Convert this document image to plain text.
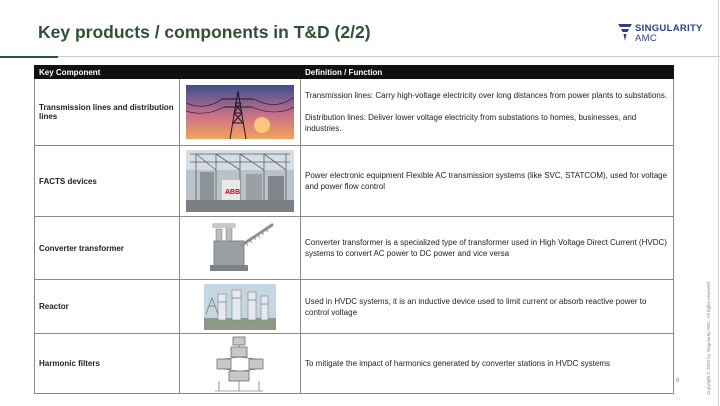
Key products / components in T&D (2/2)	SINGULARITY
AMC
Key Component		Definition / Function
Transmission lines and distribution lines		Transmission lines: Carry high-voltage electricity over long distances from power plants to substations.

Distribution lines: Deliver lower voltage electricity from substations to homes, businesses, and industries.

FACTS devices	ABB	Power electronic equipment Flexible AC transmission systems (like SVC, STATCOM), used for voltage and power flow control

Converter transformer		Converter transformer is a specialized type of transformer used in High Voltage Direct Current (HVDC) systems to convert AC power to DC power and vice versa

Reactor		Used in HVDC systems, it is an inductive device used to limit current or absorb reactive power to control voltage

Harmonic filters		To mitigate the impact of harmonics generated by converter stations in HVDC systems

8	Copyright © 2025 by Singularity AMC. All rights reserved.
